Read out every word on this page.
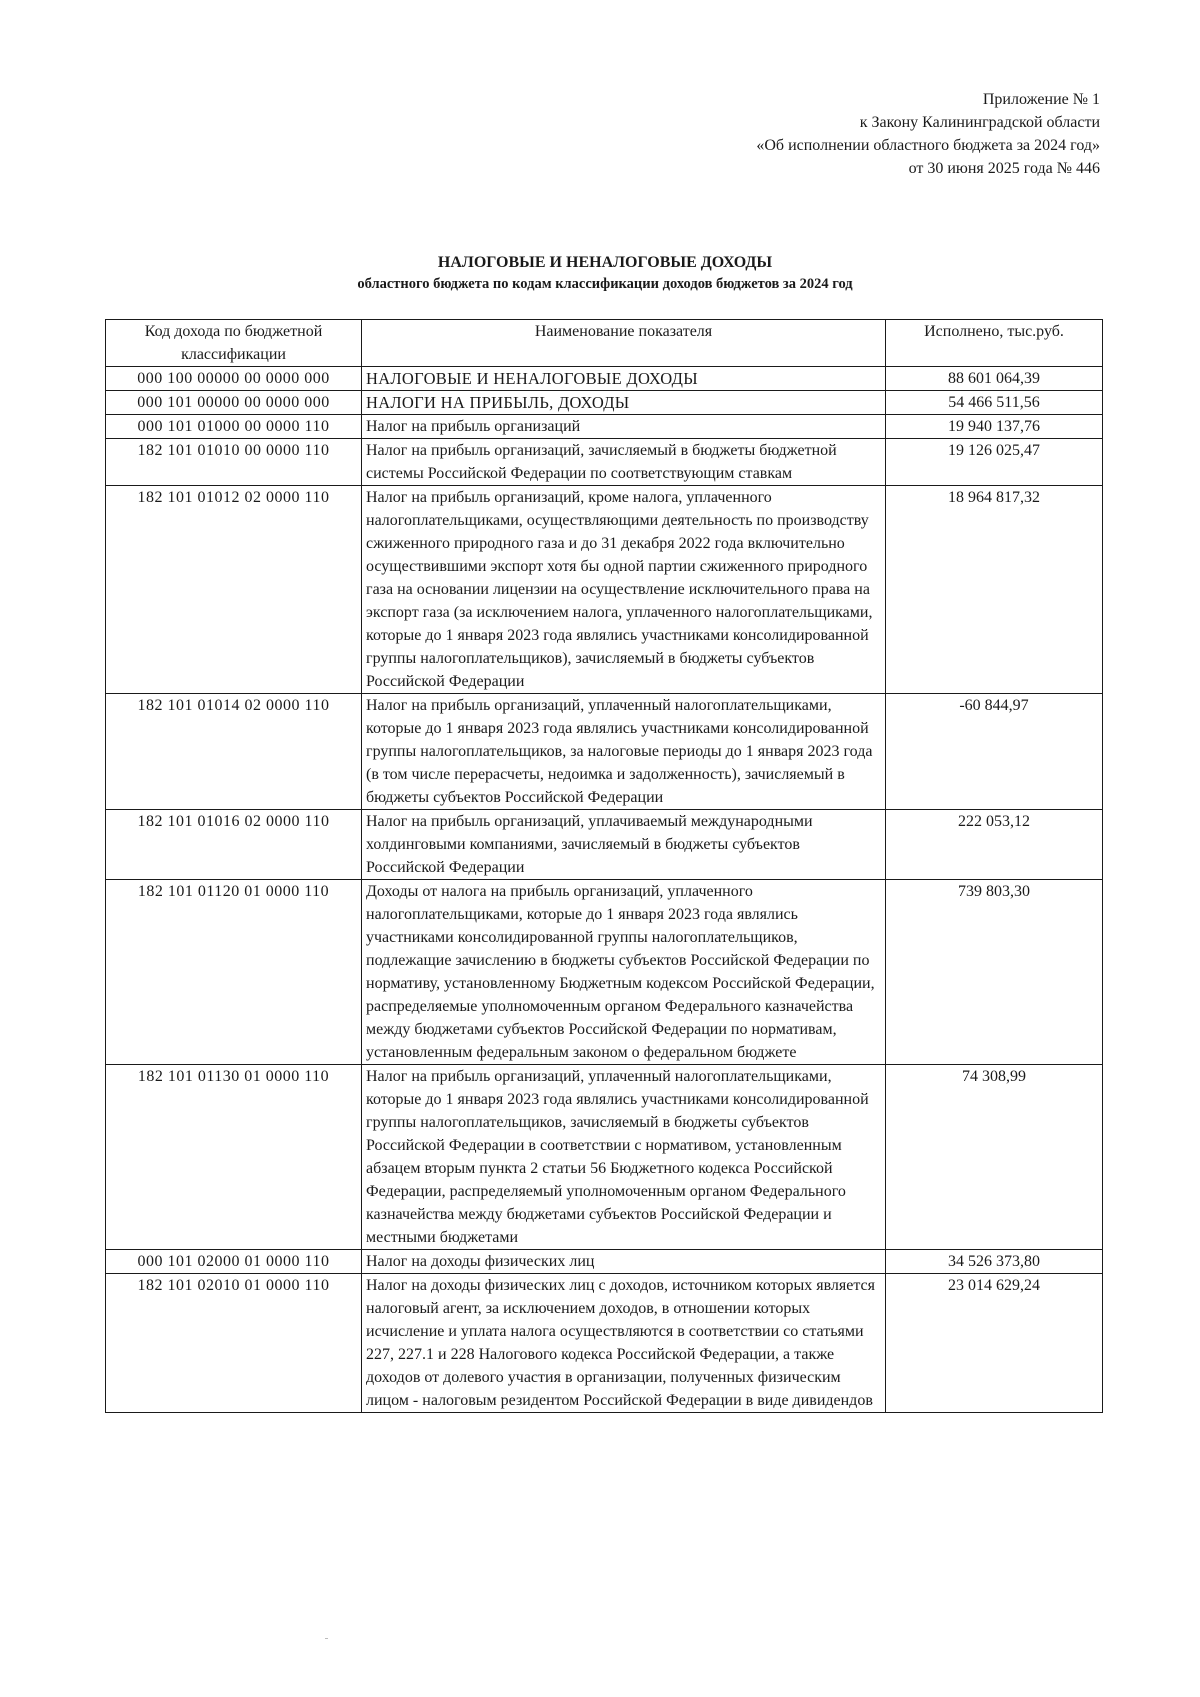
Приложение № 1
к Закону Калининградской области
«Об исполнении областного бюджета за 2024 год»
от 30 июня 2025 года № 446
НАЛОГОВЫЕ И НЕНАЛОГОВЫЕ ДОХОДЫ
областного бюджета по кодам классификации доходов бюджетов за 2024 год
Код дохода по бюджетной классификации	Наименование показателя	Исполнено, тыс.руб.
000 100 00000 00 0000 000	НАЛОГОВЫЕ И НЕНАЛОГОВЫЕ ДОХОДЫ	88 601 064,39
000 101 00000 00 0000 000	НАЛОГИ НА ПРИБЫЛЬ, ДОХОДЫ	54 466 511,56
000 101 01000 00 0000 110	Налог на прибыль организаций	19 940 137,76
182 101 01010 00 0000 110	Налог на прибыль организаций, зачисляемый в бюджеты бюджетной системы Российской Федерации по соответствующим ставкам	19 126 025,47
182 101 01012 02 0000 110	Налог на прибыль организаций, кроме налога, уплаченного налогоплательщиками, осуществляющими деятельность по производству сжиженного природного газа и до 31 декабря 2022 года включительно осуществившими экспорт хотя бы одной партии сжиженного природного газа на основании лицензии на осуществление исключительного права на экспорт газа (за исключением налога, уплаченного налогоплательщиками, которые до 1 января 2023 года являлись участниками консолидированной группы налогоплательщиков), зачисляемый в бюджеты субъектов Российской Федерации	18 964 817,32
182 101 01014 02 0000 110	Налог на прибыль организаций, уплаченный налогоплательщиками, которые до 1 января 2023 года являлись участниками консолидированной группы налогоплательщиков, за налоговые периоды до 1 января 2023 года (в том числе перерасчеты, недоимка и задолженность), зачисляемый в бюджеты субъектов Российской Федерации	-60 844,97
182 101 01016 02 0000 110	Налог на прибыль организаций, уплачиваемый международными холдинговыми компаниями, зачисляемый в бюджеты субъектов Российской Федерации	222 053,12
182 101 01120 01 0000 110	Доходы от налога на прибыль организаций, уплаченного налогоплательщиками, которые до 1 января 2023 года являлись участниками консолидированной группы налогоплательщиков, подлежащие зачислению в бюджеты субъектов Российской Федерации по нормативу, установленному Бюджетным кодексом Российской Федерации, распределяемые уполномоченным органом Федерального казначейства между бюджетами субъектов Российской Федерации по нормативам, установленным федеральным законом о федеральном бюджете	739 803,30
182 101 01130 01 0000 110	Налог на прибыль организаций, уплаченный налогоплательщиками, которые до 1 января 2023 года являлись участниками консолидированной группы налогоплательщиков, зачисляемый в бюджеты субъектов Российской Федерации в соответствии с нормативом, установленным абзацем вторым пункта 2 статьи 56 Бюджетного кодекса Российской Федерации, распределяемый уполномоченным органом Федерального казначейства между бюджетами субъектов Российской Федерации и местными бюджетами	74 308,99
000 101 02000 01 0000 110	Налог на доходы физических лиц	34 526 373,80
182 101 02010 01 0000 110	Налог на доходы физических лиц с доходов, источником которых является налоговый агент, за исключением доходов, в отношении которых исчисление и уплата налога осуществляются в соответствии со статьями 227, 227.1 и 228 Налогового кодекса Российской Федерации, а также доходов от долевого участия в организации, полученных физическим лицом - налоговым резидентом Российской Федерации в виде дивидендов	23 014 629,24
